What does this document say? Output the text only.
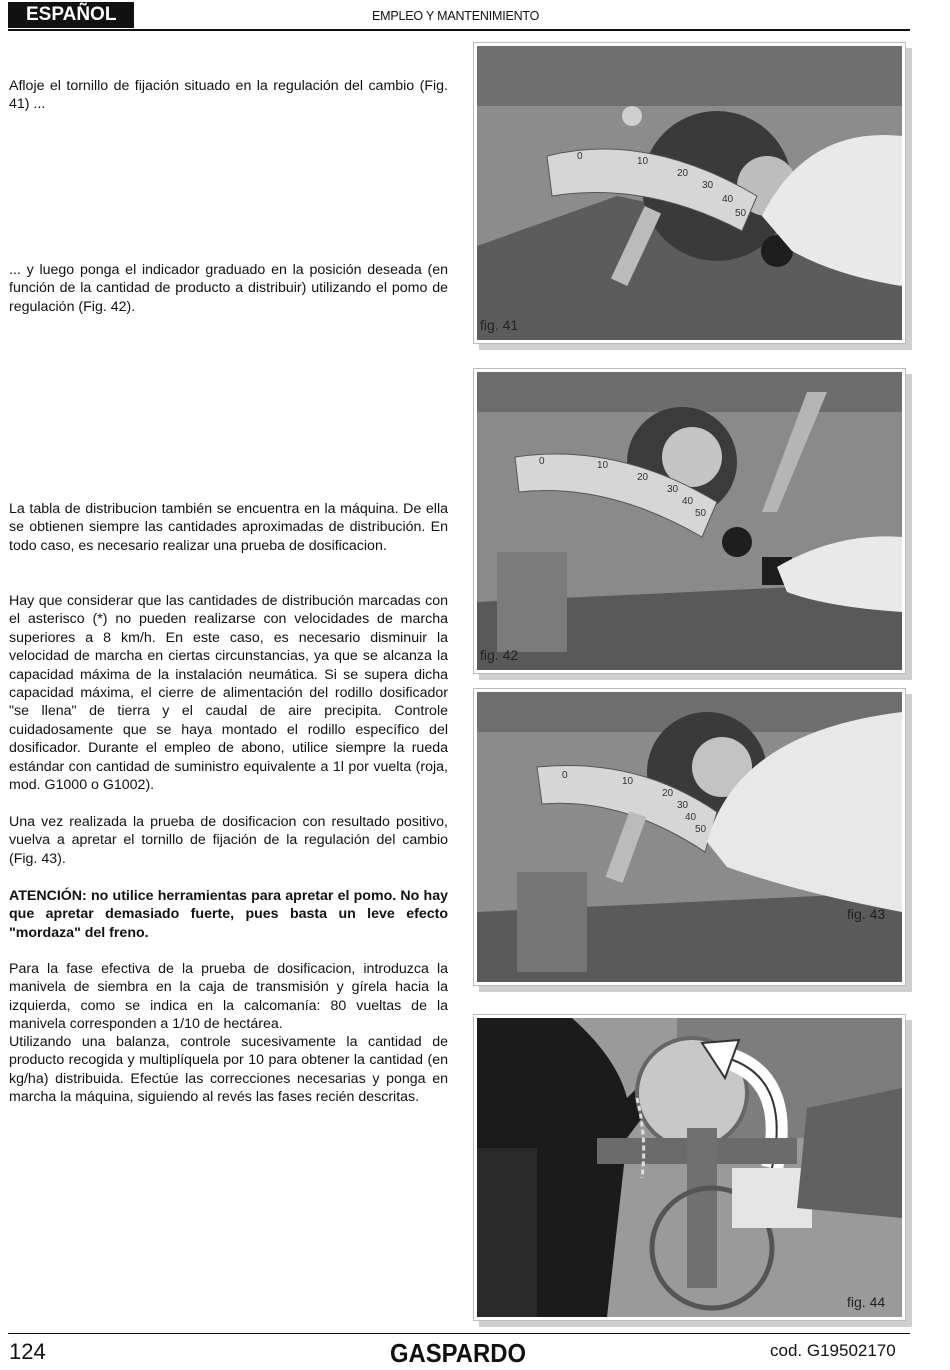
ESPAÑOL	EMPLEO Y MANTENIMIENTO

Afloje el tornillo de fijación situado en la regulación del cambio (Fig. 41) ...

... y luego ponga el indicador graduado en la posición deseada (en función de la cantidad de producto a distribuir) utilizando el pomo de regulación (Fig. 42).

La tabla de distribucion también se encuentra en la máquina. De ella se obtienen siempre las cantidades aproximadas de distribución. En todo caso, es necesario realizar una prueba de dosificacion.

Hay que considerar que las cantidades de distribución marcadas con el asterisco (*) no pueden realizarse con velocidades de marcha superiores a 8 km/h. En este caso, es necesario disminuir la velocidad de marcha en ciertas circunstancias, ya que se alcanza la capacidad máxima de la instalación neumática. Si se supera dicha capacidad máxima, el cierre de alimentación del rodillo dosificador "se llena" de tierra y el caudal de aire precipita. Controle cuidadosamente que se haya montado el rodillo específico del dosificador. Durante el empleo de abono, utilice siempre la rueda estándar con cantidad de suministro equivalente a 1l por vuelta (roja, mod. G1000 o G1002).

Una vez realizada la prueba de dosificacion con resultado positivo, vuelva a apretar el tornillo de fijación de la regulación del cambio (Fig. 43).

ATENCIÓN: no utilice herramientas para apretar el pomo. No hay que apretar demasiado fuerte, pues basta un leve efecto "mordaza" del freno.

Para la fase efectiva de la prueba de dosificacion, introduzca la manivela de siembra en la caja de transmisión y gírela hacia la izquierda, como se indica en la calcomanía: 80 vueltas de la manivela corresponden a 1/10 de hectárea.

Utilizando una balanza, controle sucesivamente la cantidad de producto recogida y multiplíquela por 10 para obtener la cantidad (en kg/ha) distribuida. Efectúe las correcciones necesarias y ponga en marcha la máquina, siguiendo al revés las fases recién descritas.

0	10
20
30
40
50
fig. 41
0	10
20
30
40
50
fig. 42
0
10
20
30
40
50
fig. 43
fig. 44
124	GASPARDO	cod. G19502170
